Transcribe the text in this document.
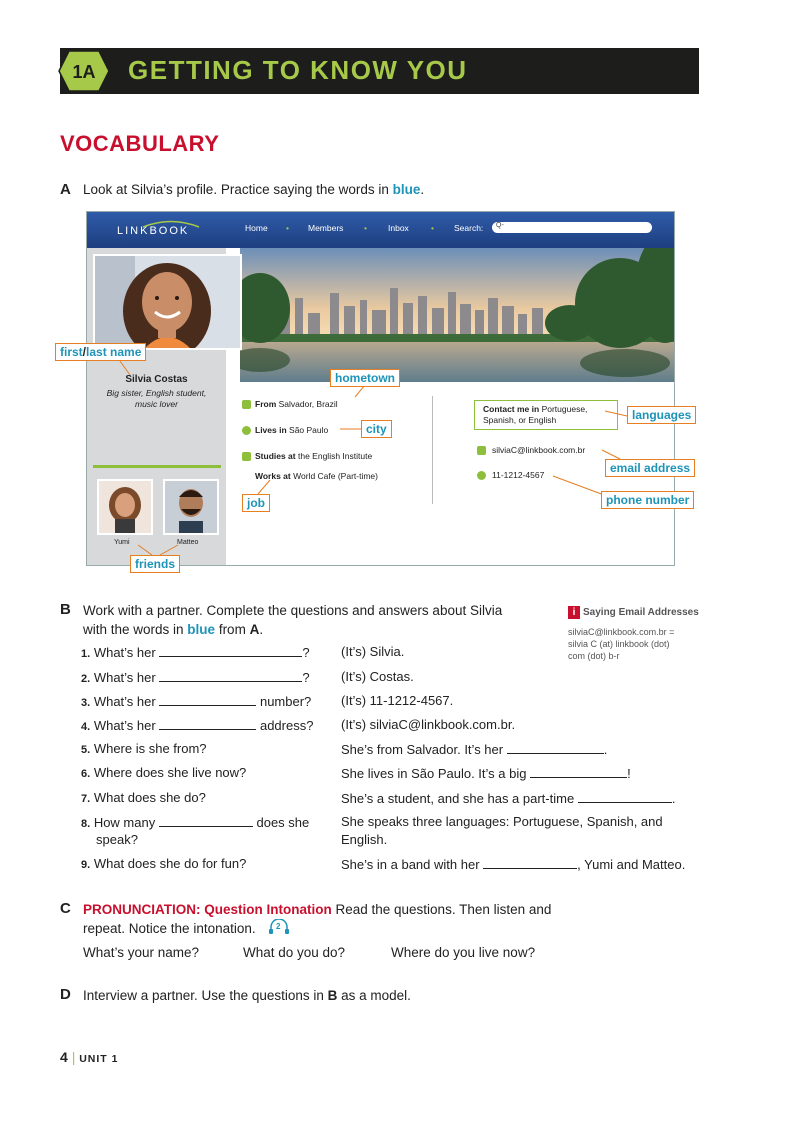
1A GETTING TO KNOW YOU
VOCABULARY
A Look at Silvia’s profile. Practice saying the words in blue.
LINKBOOK	Home • Members • Inbox	• Search: Q-
Silvia Costas
Big sister, English student, music lover	From Salvador, Brazil
Lives in São Paulo
Studies at the English Institute
Works at World Cafe (Part-time)
Contact me in Portuguese, Spanish, or English
silviaC@linkbook.com.br
11-1212-4567
Yumi	Matteo
first/last name
hometown
city
job
friends
languages
email address
phone number
B Work with a partner. Complete the questions and answers about Silvia
with the words in blue from A.
i Saying Email Addresses
silviaC@linkbook.com.br =
silvia C (at) linkbook (dot)
com (dot) b-r
1. What’s her	? (It’s) Silvia.
2. What’s her	? (It’s) Costas.
3. What’s her	number? (It’s) 11-1212-4567.
4. What’s her	address? (It’s) silviaC@linkbook.com.br.
5. Where is she from?	She’s from Salvador. It’s her	.
6. Where does she live now?	She lives in São Paulo. It’s a big	!
7. What does she do?	She’s a student, and she has a part-time	.
8. How many	does she
speak?
She speaks three languages: Portuguese, Spanish, and
English.
9. What does she do for fun?	She’s in a band with her	, Yumi and Matteo.
C PRONUNCIATION: Question Intonation Read the questions. Then listen and
repeat. Notice the intonation.	2
What’s your name?	What do you do?	Where do you live now?
D Interview a partner. Use the questions in B as a model.
4 | UNIT 1
